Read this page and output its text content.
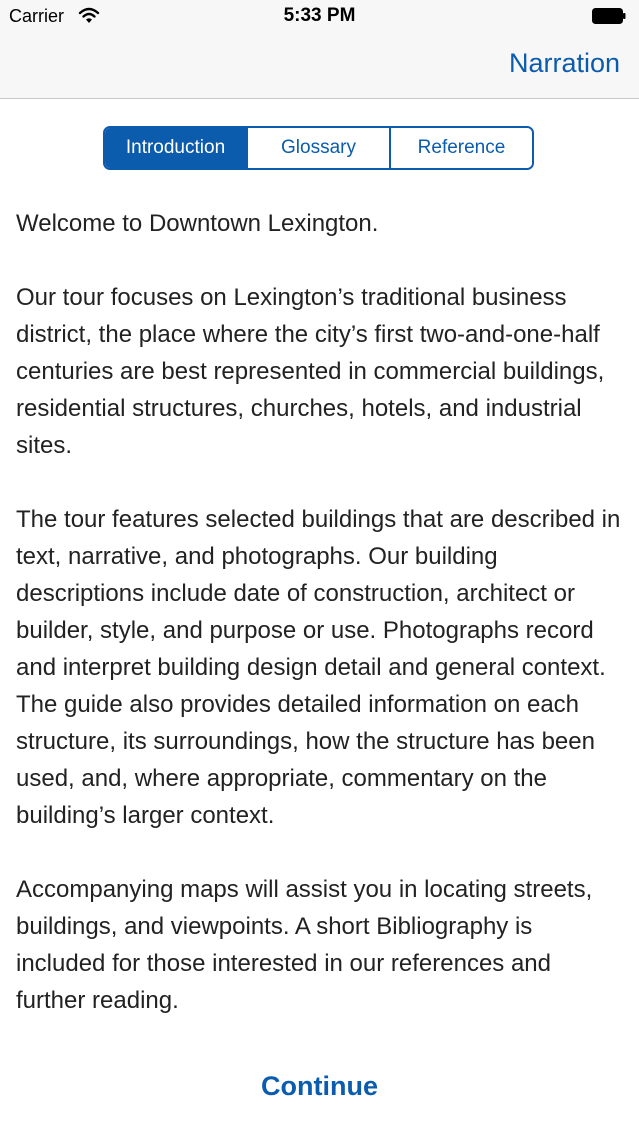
Carrier	5:33 PM
Narration
Introduction	Glossary	Reference

Welcome to Downtown Lexington.

Our tour focuses on Lexington’s traditional business district, the place where the city’s first two-and-one-half centuries are best represented in commercial buildings, residential structures, churches, hotels, and industrial sites.

The tour features selected buildings that are described in text, narrative, and photographs. Our building descriptions include date of construction, architect or builder, style, and purpose or use. Photographs record and interpret building design detail and general context. The guide also provides detailed information on each structure, its surroundings, how the structure has been used, and, where appropriate, commentary on the building’s larger context.

Accompanying maps will assist you in locating streets, buildings, and viewpoints. A short Bibliography is included for those interested in our references and further reading.

Continue
